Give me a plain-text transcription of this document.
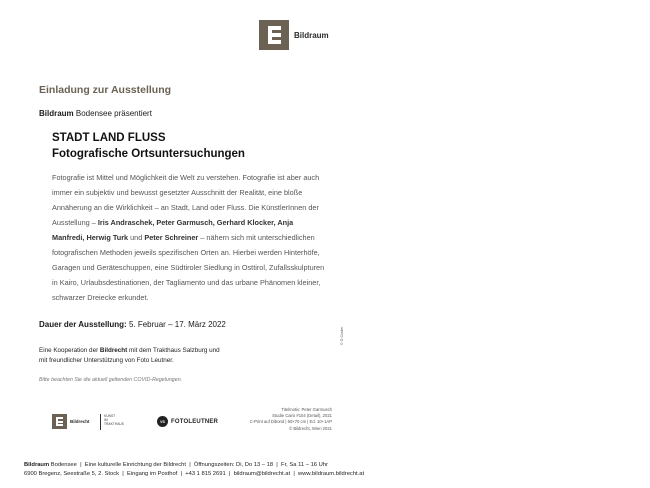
Bildraum
Einladung zur Ausstellung
Bildraum Bodensee präsentiert
STADT LAND FLUSS
Fotografische Ortsuntersuchungen
Fotografie ist Mittel und Möglichkeit die Welt zu verstehen. Fotografie ist aber auch immer ein subjektiv und bewusst gesetzter Ausschnitt der Realität, eine bloße Annäherung an die Wirklichkeit – an Stadt, Land oder Fluss. Die KünstlerInnen der Ausstellung – Iris Andraschek, Peter Garmusch, Gerhard Klocker, Anja Manfredi, Herwig Turk und Peter Schreiner – nähern sich mit unterschiedlichen fotografischen Methoden jeweils spezifischen Orten an. Hierbei werden Hinterhöfe, Garagen und Geräteschuppen, eine Südtiroler Siedlung in Osttirol, Zufallsskulpturen in Kairo, Urlaubsdestinationen, der Tagliamento und das urbane Phänomen kleiner, schwarzer Dreiecke erkundet.
Dauer der Ausstellung: 5. Februar – 17. März 2022
Eine Kooperation der Bildrecht mit dem Trakthaus Salzburg und
mit freundlicher Unterstützung von Foto Leutner.
Bitte beachten Sie die aktuell geltenden COVID-Regelungen.
© G.Croder
Bildrecht
KUNST
IM
TRAKTHAUS
VS	FOTOLEUTNER
Titelmotiv: Peter Garmusch
Studie Cairo #104 (Detail), 2021
C-Print auf Dibond | 60×70 cm | Ed. 10+1AP
© Bildrecht, Wien 2021
Bildraum Bodensee  |  Eine kulturelle Einrichtung der Bildrecht  |  Öffnungszeiten: Di, Do 13 – 18  |  Fr, Sa 11 – 16 Uhr
6900 Bregenz, Seestraße 5, 2. Stock  |  Eingang im Posthof  |  +43 1 815 2691  |  bildraum@bildrecht.at  |  www.bildraum.bildrecht.at
